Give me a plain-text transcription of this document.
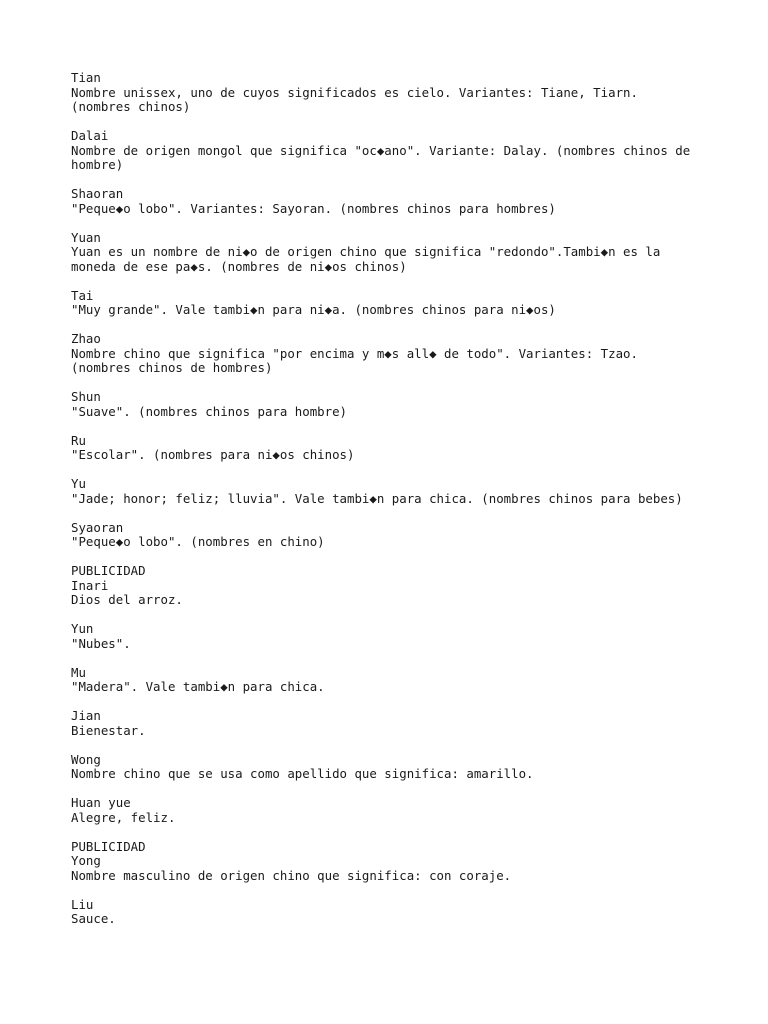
Tian
Nombre unissex, uno de cuyos significados es cielo. Variantes: Tiane, Tiarn.
(nombres chinos)
Dalai
Nombre de origen mongol que significa "oc◆ano". Variante: Dalay. (nombres chinos de
hombre)
Shaoran
"Peque◆o lobo". Variantes: Sayoran. (nombres chinos para hombres)
Yuan
Yuan es un nombre de ni◆o de origen chino que significa "redondo".Tambi◆n es la
moneda de ese pa◆s. (nombres de ni◆os chinos)
Tai
"Muy grande". Vale tambi◆n para ni◆a. (nombres chinos para ni◆os)
Zhao
Nombre chino que significa "por encima y m◆s all◆ de todo". Variantes: Tzao.
(nombres chinos de hombres)
Shun
"Suave". (nombres chinos para hombre)
Ru
"Escolar". (nombres para ni◆os chinos)
Yu
"Jade; honor; feliz; lluvia". Vale tambi◆n para chica. (nombres chinos para bebes)
Syaoran
"Peque◆o lobo". (nombres en chino)
PUBLICIDAD
Inari
Dios del arroz.
Yun
"Nubes".
Mu
"Madera". Vale tambi◆n para chica.
Jian
Bienestar.
Wong
Nombre chino que se usa como apellido que significa: amarillo.
Huan yue
Alegre, feliz.
PUBLICIDAD
Yong
Nombre masculino de origen chino que significa: con coraje.
Liu
Sauce.
